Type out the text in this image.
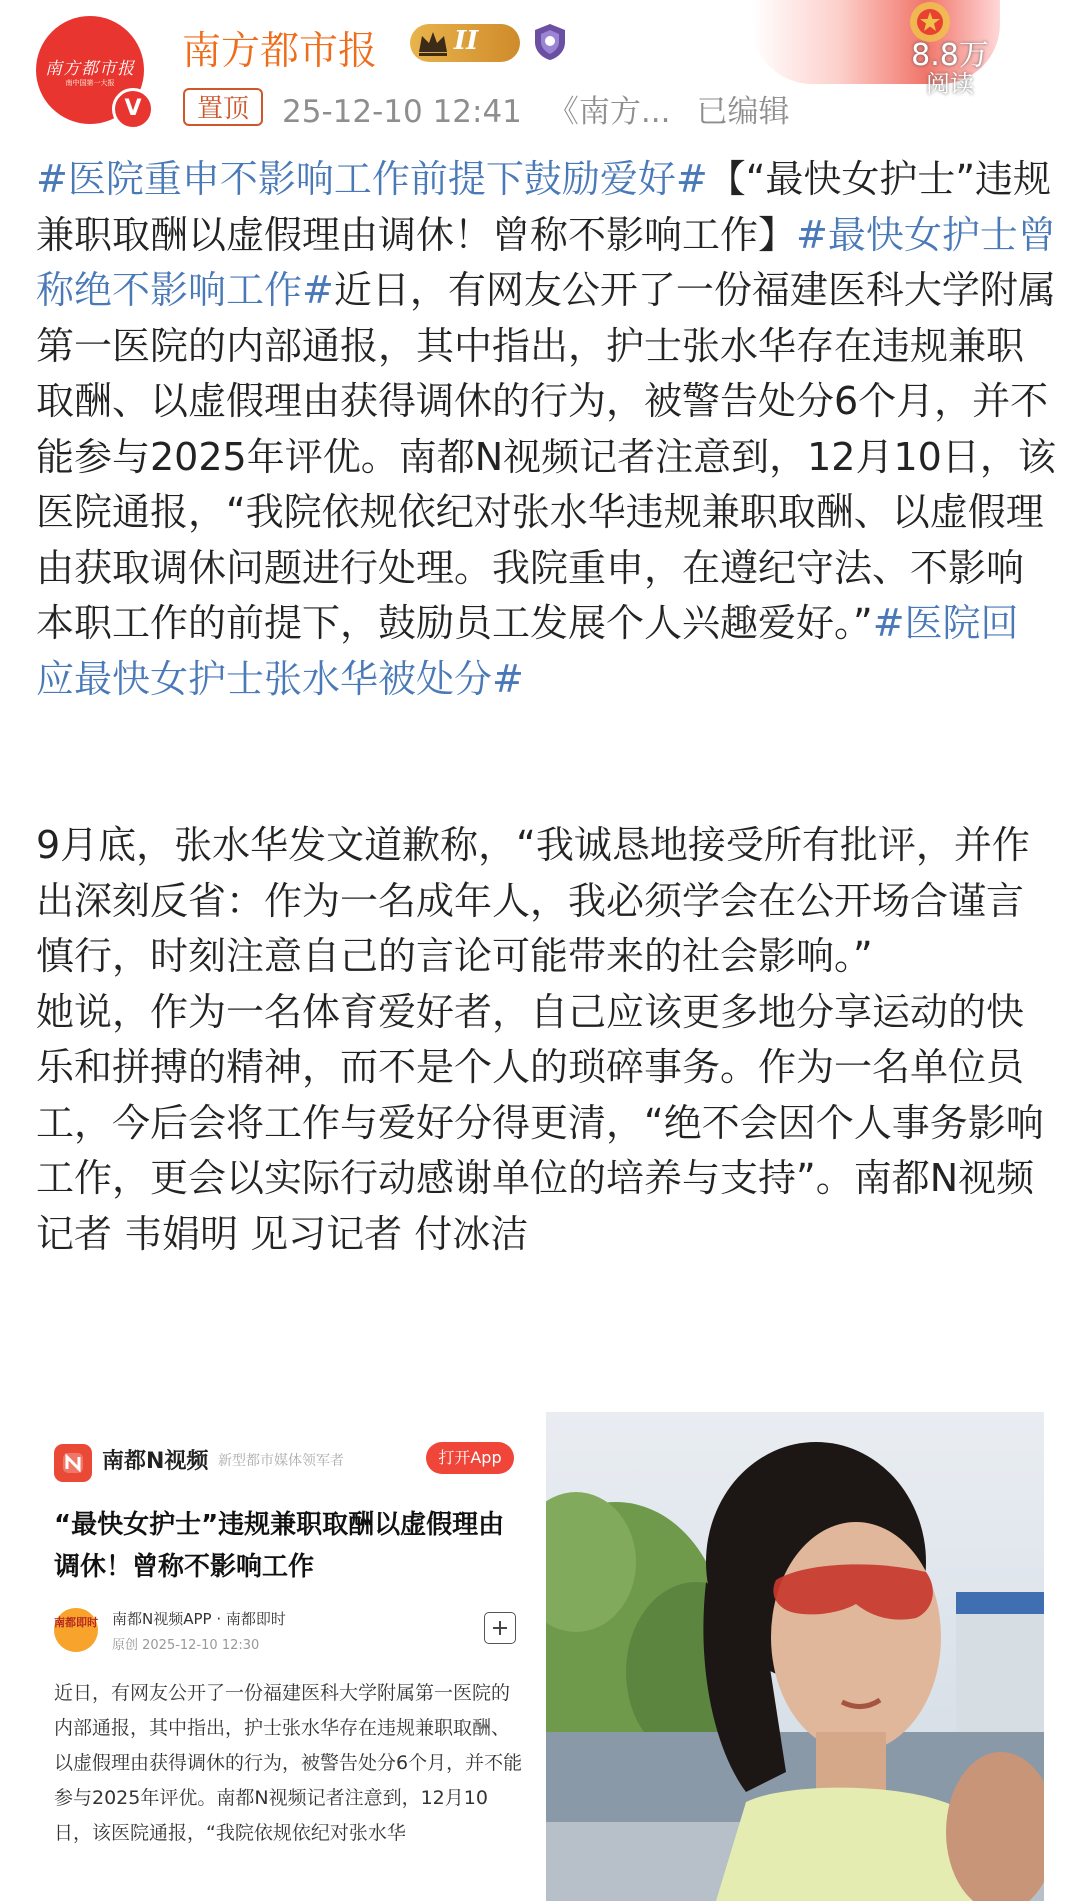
南方都市报
南中国第一大报
V
南方都市报	II
置顶	25-12-10 12:41 《南方... 已编辑
8.8万
阅读

#医院重申不影响工作前提下鼓励爱好#【“最快女护士”违规兼职取酬以虚假理由调休！曾称不影响工作】#最快女护士曾称绝不影响工作#近日，有网友公开了一份福建医科大学附属第一医院的内部通报，其中指出，护士张水华存在违规兼职取酬、以虚假理由获得调休的行为，被警告处分6个月，并不能参与2025年评优。南都N视频记者注意到，12月10日，该医院通报，“我院依规依纪对张水华违规兼职取酬、以虚假理由获取调休问题进行处理。我院重申，在遵纪守法、不影响本职工作的前提下，鼓励员工发展个人兴趣爱好。”#医院回应最快女护士张水华被处分#

9月底，张水华发文道歉称，“我诚恳地接受所有批评，并作出深刻反省：作为一名成年人，我必须学会在公开场合谨言慎行，时刻注意自己的言论可能带来的社会影响。”

她说，作为一名体育爱好者，自己应该更多地分享运动的快乐和拼搏的精神，而不是个人的琐碎事务。作为一名单位员工，今后会将工作与爱好分得更清，“绝不会因个人事务影响工作，更会以实际行动感谢单位的培养与支持”。南都N视频记者 韦娟明 见习记者 付冰洁

南都N视频 新型都市媒体领军者	打开App
“最快女护士”违规兼职取酬以虚假理由调休！曾称不影响工作
南都即时 南都N视频APP · 南都即时
原创 2025-12-10 12:30
近日，有网友公开了一份福建医科大学附属第一医院的内部通报，其中指出，护士张水华存在违规兼职取酬、以虚假理由获得调休的行为，被警告处分6个月，并不能参与2025年评优。南都N视频记者注意到，12月10日，该医院通报，“我院依规依纪对张水华
